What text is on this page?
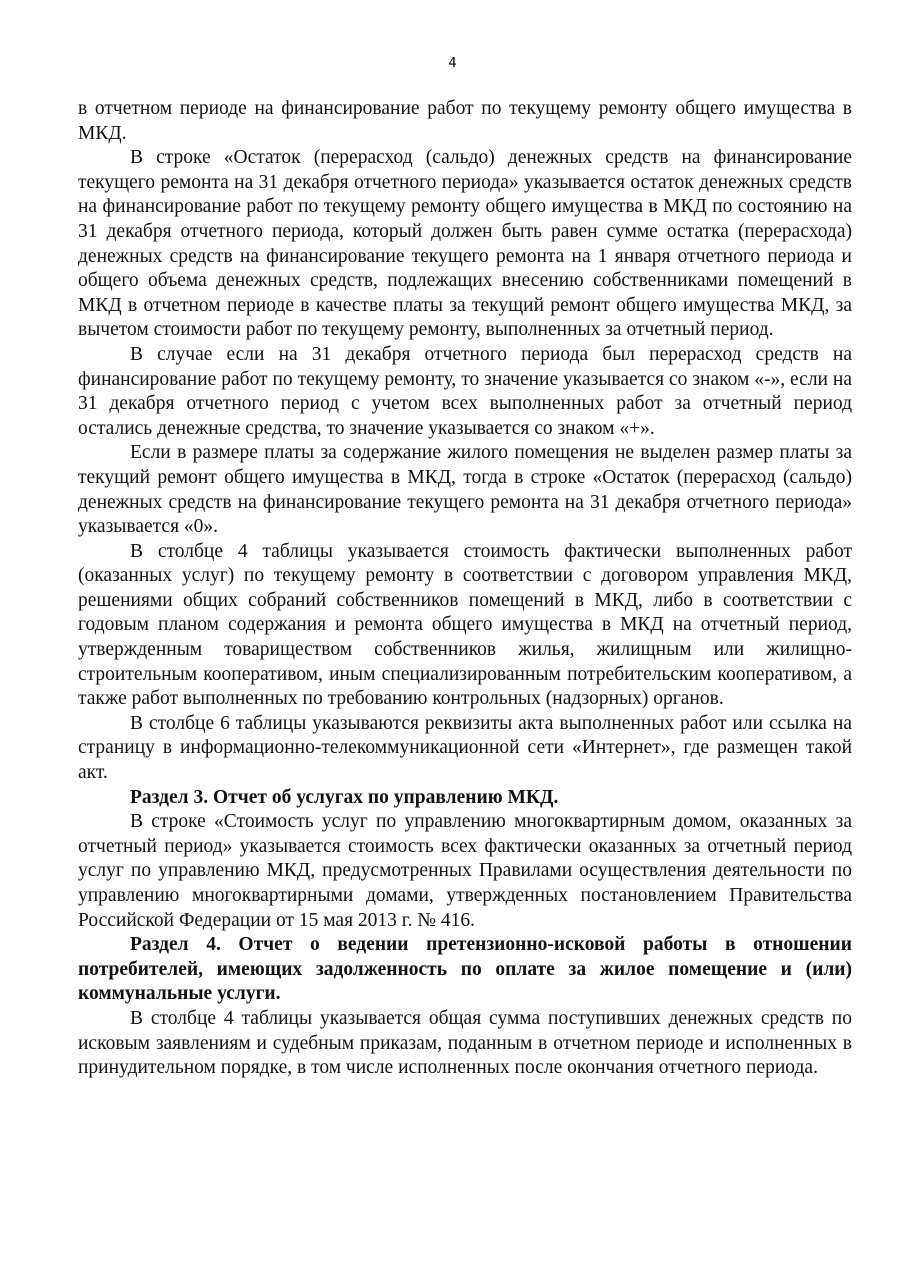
4

в отчетном периоде на финансирование работ по текущему ремонту общего имущества в МКД.

В строке «Остаток (перерасход (сальдо) денежных средств на финансирование текущего ремонта на 31 декабря отчетного периода» указывается остаток денежных средств на финансирование работ по текущему ремонту общего имущества в МКД по состоянию на 31 декабря отчетного периода, который должен быть равен сумме остатка (перерасхода) денежных средств на финансирование текущего ремонта на 1 января отчетного периода и общего объема денежных средств, подлежащих внесению собственниками помещений в МКД в отчетном периоде в качестве платы за текущий ремонт общего имущества МКД, за вычетом стоимости работ по текущему ремонту, выполненных за отчетный период.

В случае если на 31 декабря отчетного периода был перерасход средств на финансирование работ по текущему ремонту, то значение указывается со знаком «-», если на 31 декабря отчетного период с учетом всех выполненных работ за отчетный период остались денежные средства, то значение указывается со знаком «+».

Если в размере платы за содержание жилого помещения не выделен размер платы за текущий ремонт общего имущества в МКД, тогда в строке «Остаток (перерасход (сальдо) денежных средств на финансирование текущего ремонта на 31 декабря отчетного периода» указывается «0».

В столбце 4 таблицы указывается стоимость фактически выполненных работ (оказанных услуг) по текущему ремонту в соответствии с договором управления МКД, решениями общих собраний собственников помещений в МКД, либо в соответствии с годовым планом содержания и ремонта общего имущества в МКД на отчетный период, утвержденным товариществом собственников жилья, жилищным или жилищно-строительным кооперативом, иным специализированным потребительским кооперативом, а также работ выполненных по требованию контрольных (надзорных) органов.

В столбце 6 таблицы указываются реквизиты акта выполненных работ или ссылка на страницу в информационно-телекоммуникационной сети «Интернет», где размещен такой акт.

Раздел 3. Отчет об услугах по управлению МКД.

В строке «Стоимость услуг по управлению многоквартирным домом, оказанных за отчетный период» указывается стоимость всех фактически оказанных за отчетный период услуг по управлению МКД, предусмотренных Правилами осуществления деятельности по управлению многоквартирными домами, утвержденных постановлением Правительства Российской Федерации от 15 мая 2013 г. № 416.

Раздел 4. Отчет о ведении претензионно-исковой работы в отношении потребителей, имеющих задолженность по оплате за жилое помещение и (или) коммунальные услуги.

В столбце 4 таблицы указывается общая сумма поступивших денежных средств по исковым заявлениям и судебным приказам, поданным в отчетном периоде и исполненных в принудительном порядке, в том числе исполненных после окончания отчетного периода.
